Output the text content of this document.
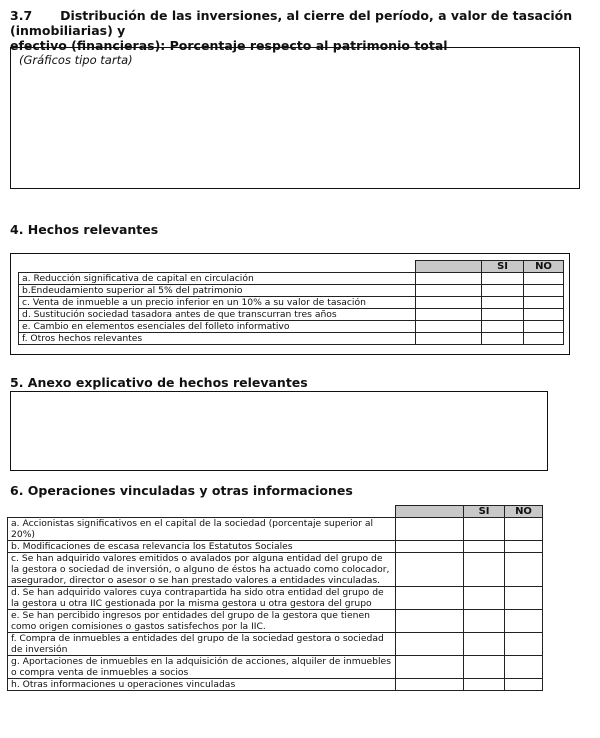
3.7 Distribución de las inversiones, al cierre del período, a valor de tasación (inmobiliarias) y
efectivo (financieras): Porcentaje respecto al patrimonio total
(Gráficos tipo tarta)
4. Hechos relevantes
		SI	NO
a. Reducción significativa de capital en circulación			
b.Endeudamiento superior al 5% del patrimonio			
c. Venta de inmueble a un precio inferior en un 10% a su valor de tasación			
d. Sustitución sociedad tasadora antes de que transcurran tres años			
e. Cambio en elementos esenciales del folleto informativo			
f. Otros hechos relevantes			
5. Anexo explicativo de hechos relevantes
6. Operaciones vinculadas y otras informaciones
		SI	NO
a. Accionistas significativos en el capital de la sociedad (porcentaje superior al 20%)			
b. Modificaciones de escasa relevancia los Estatutos Sociales			
c. Se han adquirido valores emitidos o avalados por alguna entidad del grupo de la gestora o sociedad de inversión, o alguno de éstos ha actuado como colocador, asegurador, director o asesor o se han prestado valores a entidades vinculadas.			
d. Se han adquirido valores cuya contrapartida ha sido otra entidad del grupo de la gestora u otra IIC gestionada por la misma gestora u otra gestora del grupo			
e. Se han percibido ingresos por entidades del grupo de la gestora que tienen como origen comisiones o gastos satisfechos por la IIC.			
f. Compra de inmuebles a entidades del grupo de la sociedad gestora o sociedad de inversión			
g. Aportaciones de inmuebles en la adquisición de acciones, alquiler de inmuebles o compra venta de inmuebles a socios			
h. Otras informaciones u operaciones vinculadas			
